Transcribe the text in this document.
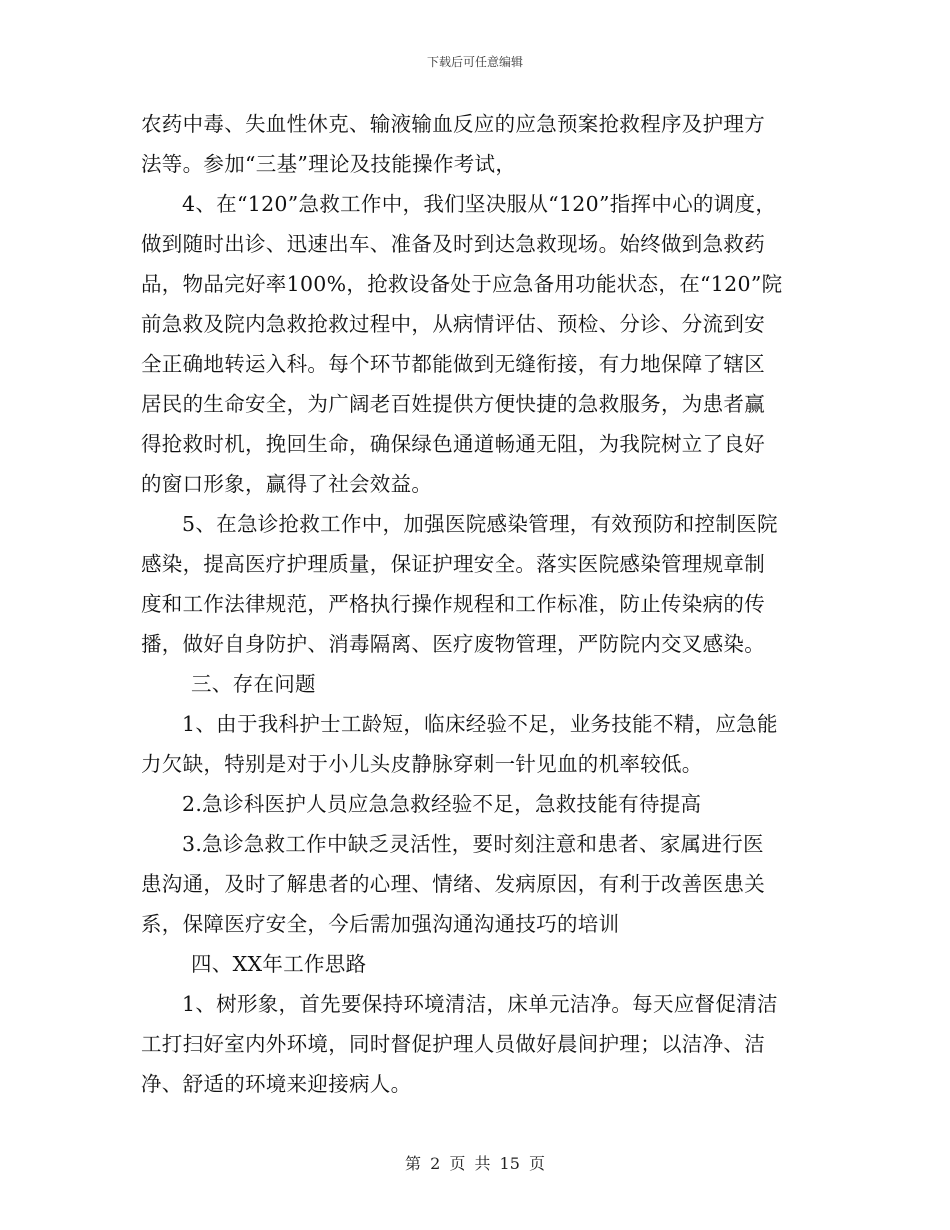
下载后可任意编辑
农药中毒、失血性休克、输液输血反应的应急预案抢救程序及护理方
法等。参加“三基”理论及技能操作考试，
4、在“120”急救工作中，我们坚决服从“120”指挥中心的调度，
做到随时出诊、迅速出车、准备及时到达急救现场。始终做到急救药
品，物品完好率100%，抢救设备处于应急备用功能状态，在“120”院
前急救及院内急救抢救过程中，从病情评估、预检、分诊、分流到安
全正确地转运入科。每个环节都能做到无缝衔接，有力地保障了辖区
居民的生命安全，为广阔老百姓提供方便快捷的急救服务，为患者赢
得抢救时机，挽回生命，确保绿色通道畅通无阻，为我院树立了良好
的窗口形象，赢得了社会效益。
5、在急诊抢救工作中，加强医院感染管理，有效预防和控制医院
感染，提高医疗护理质量，保证护理安全。落实医院感染管理规章制
度和工作法律规范，严格执行操作规程和工作标准，防止传染病的传
播，做好自身防护、消毒隔离、医疗废物管理，严防院内交叉感染。
三、存在问题
1、由于我科护士工龄短，临床经验不足，业务技能不精，应急能
力欠缺，特别是对于小儿头皮静脉穿刺一针见血的机率较低。
2.急诊科医护人员应急急救经验不足，急救技能有待提高
3.急诊急救工作中缺乏灵活性，要时刻注意和患者、家属进行医
患沟通，及时了解患者的心理、情绪、发病原因，有利于改善医患关
系，保障医疗安全，今后需加强沟通沟通技巧的培训
四、XX年工作思路
1、树形象，首先要保持环境清洁，床单元洁净。每天应督促清洁
工打扫好室内外环境，同时督促护理人员做好晨间护理；以洁净、洁
净、舒适的环境来迎接病人。
第 2 页 共 15 页
